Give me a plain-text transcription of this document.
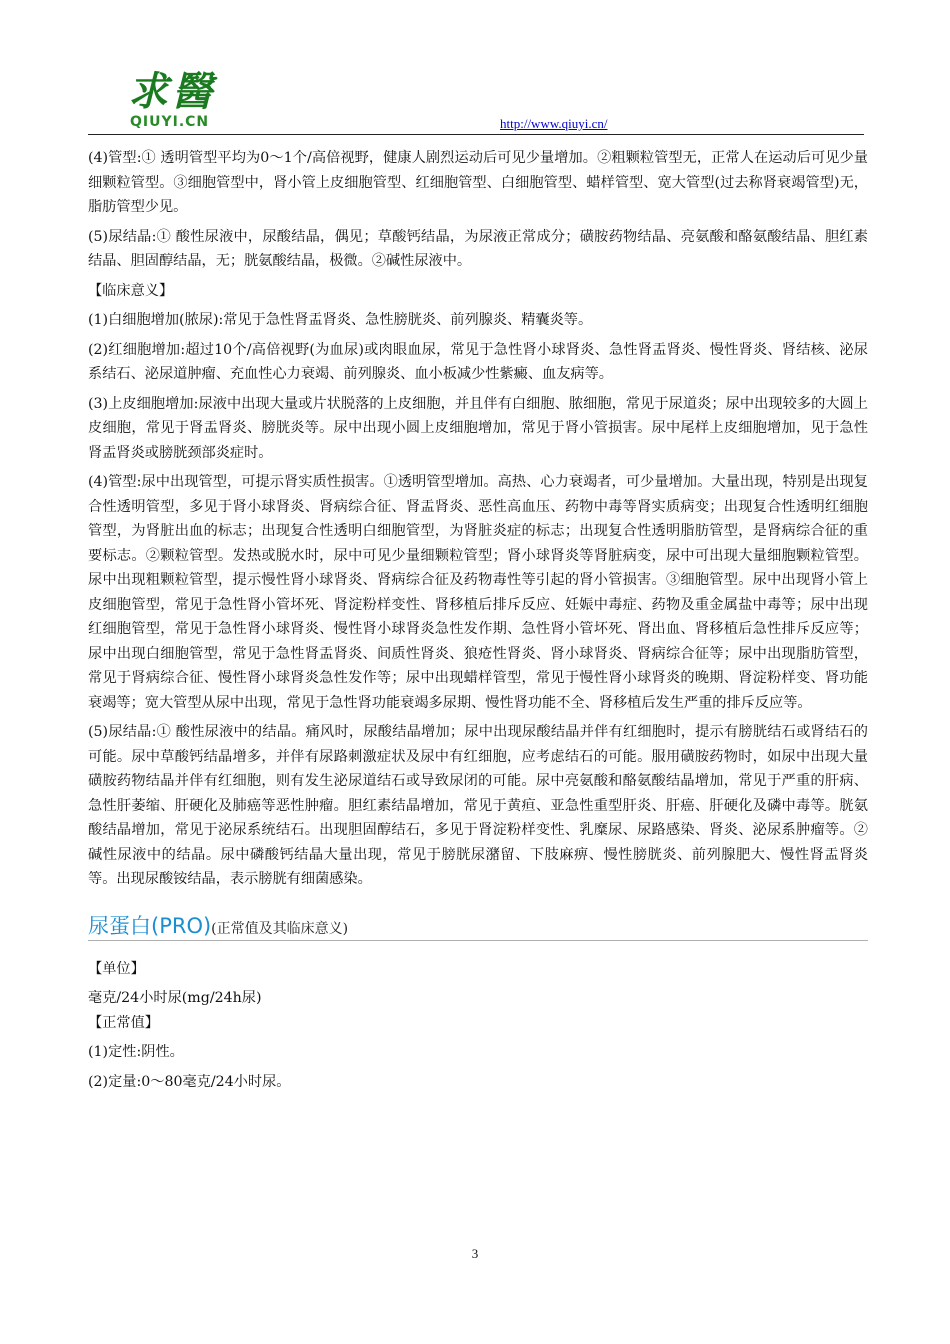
求醫
QIUYI.CN	http://www.qiuyi.cn/

(4)管型:① 透明管型平均为0～1个/高倍视野，健康人剧烈运动后可见少量增加。②粗颗粒管型无，正常人在运动后可见少量细颗粒管型。③细胞管型中，肾小管上皮细胞管型、红细胞管型、白细胞管型、蜡样管型、宽大管型(过去称肾衰竭管型)无，脂肪管型少见。

(5)尿结晶:① 酸性尿液中，尿酸结晶，偶见；草酸钙结晶，为尿液正常成分；磺胺药物结晶、亮氨酸和酪氨酸结晶、胆红素结晶、胆固醇结晶，无；胱氨酸结晶，极微。②碱性尿液中。

【临床意义】

(1)白细胞增加(脓尿):常见于急性肾盂肾炎、急性膀胱炎、前列腺炎、精囊炎等。

(2)红细胞增加:超过10个/高倍视野(为血尿)或肉眼血尿，常见于急性肾小球肾炎、急性肾盂肾炎、慢性肾炎、肾结核、泌尿系结石、泌尿道肿瘤、充血性心力衰竭、前列腺炎、血小板减少性紫癜、血友病等。

(3)上皮细胞增加:尿液中出现大量或片状脱落的上皮细胞，并且伴有白细胞、脓细胞，常见于尿道炎；尿中出现较多的大圆上皮细胞，常见于肾盂肾炎、膀胱炎等。尿中出现小圆上皮细胞增加，常见于肾小管损害。尿中尾样上皮细胞增加，见于急性肾盂肾炎或膀胱颈部炎症时。

(4)管型:尿中出现管型，可提示肾实质性损害。①透明管型增加。高热、心力衰竭者，可少量增加。大量出现，特别是出现复合性透明管型，多见于肾小球肾炎、肾病综合征、肾盂肾炎、恶性高血压、药物中毒等肾实质病变；出现复合性透明红细胞管型，为肾脏出血的标志；出现复合性透明白细胞管型，为肾脏炎症的标志；出现复合性透明脂肪管型，是肾病综合征的重要标志。②颗粒管型。发热或脱水时，尿中可见少量细颗粒管型；肾小球肾炎等肾脏病变，尿中可出现大量细胞颗粒管型。尿中出现粗颗粒管型，提示慢性肾小球肾炎、肾病综合征及药物毒性等引起的肾小管损害。③细胞管型。尿中出现肾小管上皮细胞管型，常见于急性肾小管坏死、肾淀粉样变性、肾移植后排斥反应、妊娠中毒症、药物及重金属盐中毒等；尿中出现红细胞管型，常见于急性肾小球肾炎、慢性肾小球肾炎急性发作期、急性肾小管坏死、肾出血、肾移植后急性排斥反应等；尿中出现白细胞管型，常见于急性肾盂肾炎、间质性肾炎、狼疮性肾炎、肾小球肾炎、肾病综合征等；尿中出现脂肪管型，常见于肾病综合征、慢性肾小球肾炎急性发作等；尿中出现蜡样管型，常见于慢性肾小球肾炎的晚期、肾淀粉样变、肾功能衰竭等；宽大管型从尿中出现，常见于急性肾功能衰竭多尿期、慢性肾功能不全、肾移植后发生严重的排斥反应等。

(5)尿结晶:① 酸性尿液中的结晶。痛风时，尿酸结晶增加；尿中出现尿酸结晶并伴有红细胞时，提示有膀胱结石或肾结石的可能。尿中草酸钙结晶增多，并伴有尿路刺激症状及尿中有红细胞，应考虑结石的可能。服用磺胺药物时，如尿中出现大量磺胺药物结晶并伴有红细胞，则有发生泌尿道结石或导致尿闭的可能。尿中亮氨酸和酪氨酸结晶增加，常见于严重的肝病、急性肝萎缩、肝硬化及肺癌等恶性肿瘤。胆红素结晶增加，常见于黄疸、亚急性重型肝炎、肝癌、肝硬化及磷中毒等。胱氨酸结晶增加，常见于泌尿系统结石。出现胆固醇结石，多见于肾淀粉样变性、乳糜尿、尿路感染、肾炎、泌尿系肿瘤等。②碱性尿液中的结晶。尿中磷酸钙结晶大量出现，常见于膀胱尿潴留、下肢麻痹、慢性膀胱炎、前列腺肥大、慢性肾盂肾炎等。出现尿酸铵结晶，表示膀胱有细菌感染。

尿蛋白(PRO)(正常值及其临床意义)

【单位】

毫克/24小时尿(mg/24h尿)

【正常值】

(1)定性:阴性。

(2)定量:0～80毫克/24小时尿。

3
